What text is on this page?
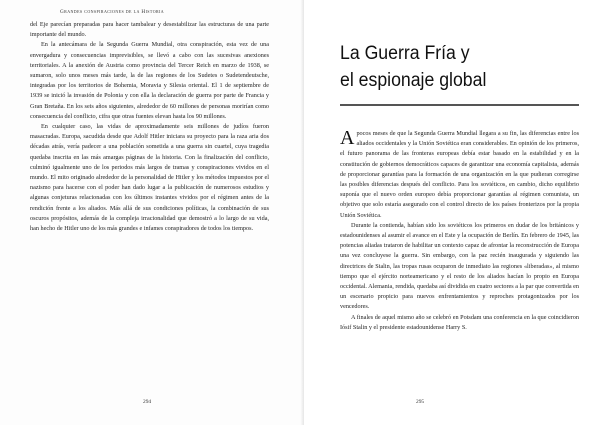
Grandes conspiraciones de la Historia

del Eje parecían preparadas para hacer tambalear y desestabilizar las estructuras de una parte importante del mundo.

En la antecámara de la Segunda Guerra Mundial, otra conspiración, esta vez de una envergadura y consecuencias imprevisibles, se llevó a cabo con las sucesivas anexiones territoriales. A la anexión de Austria como provincia del Tercer Reich en marzo de 1938, se sumaron, solo unos meses más tarde, la de las regiones de los Sudetes o Sudetendeutsche, integradas por los territorios de Bohemia, Moravia y Silesia oriental. El 1 de septiembre de 1939 se inició la invasión de Polonia y con ella la declaración de guerra por parte de Francia y Gran Bretaña. En los seis años siguientes, alrededor de 60 millones de personas morirían como consecuencia del conflicto, cifra que otras fuentes elevan hasta los 90 millones.

En cualquier caso, las vidas de aproximadamente seis millones de judíos fueron masacradas. Europa, sacudida desde que Adolf Hitler iniciara su proyecto para la raza aria dos décadas atrás, vería padecer a una población sometida a una guerra sin cuartel, cuya tragedia quedaba inscrita en las más amargas páginas de la historia. Con la finalización del conflicto, culminó igualmente uno de los periodos más largos de tramas y conspiraciones vividos en el mundo. El mito originado alrededor de la personalidad de Hitler y los métodos impuestos por el nazismo para hacerse con el poder han dado lugar a la publicación de numerosos estudios y algunas conjeturas relacionadas con los últimos instantes vividos por el régimen antes de la rendición frente a los aliados. Más allá de sus condiciones políticas, la combinación de sus oscuros propósitos, además de la compleja irracionalidad que demostró a lo largo de su vida, han hecho de Hitler uno de los más grandes e infames conspiradores de todos los tiempos.

294
La Guerra Fría y
el espionaje global

Apocos meses de que la Segunda Guerra Mundial llegara a su fin, las diferencias entre los aliados occidentales y la Unión Soviética eran considerables. En opinión de los primeros, el futuro panorama de las fronteras europeas debía estar basado en la estabilidad y en la constitución de gobiernos democráticos capaces de garantizar una economía capitalista, además de proporcionar garantías para la formación de una organización en la que pudieran corregirse las posibles diferencias después del conflicto. Para los soviéticos, en cambio, dicho equilibrio suponía que el nuevo orden europeo debía proporcionar garantías al régimen comunista, un objetivo que solo estaría asegurado con el control directo de los países fronterizos por la propia Unión Soviética.

Durante la contienda, habían sido los soviéticos los primeros en dudar de los británicos y estadounidenses al asumir el avance en el Este y la ocupación de Berlín. En febrero de 1945, las potencias aliadas trataron de habilitar un contexto capaz de afrontar la reconstrucción de Europa una vez concluyese la guerra. Sin embargo, con la paz recién inaugurada y siguiendo las directrices de Stalin, las tropas rusas ocuparon de inmediato las regiones «liberadas», al mismo tiempo que el ejército norteamericano y el resto de los aliados hacían lo propio en Europa occidental. Alemania, rendida, quedaba así dividida en cuatro sectores a la par que convertida en un escenario propicio para nuevos enfrentamientos y reproches protagonizados por los vencedores.

A finales de aquel mismo año se celebró en Potsdam una conferencia en la que coincidieron Iósif Stalin y el presidente estadounidense Harry S.

295
